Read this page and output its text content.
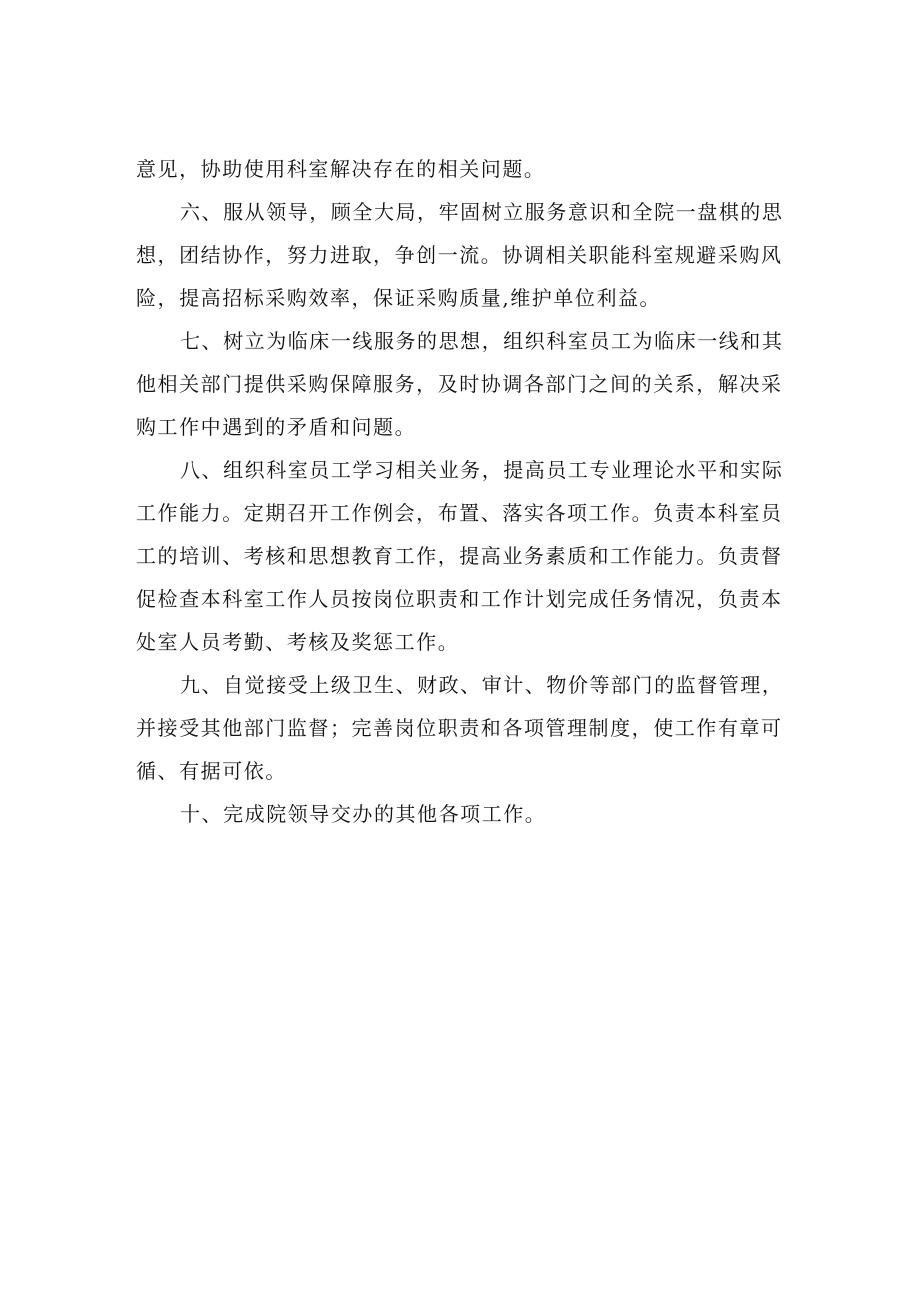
意见，协助使用科室解决存在的相关问题。
六、服从领导，顾全大局，牢固树立服务意识和全院一盘棋的思
想，团结协作，努力进取，争创一流。协调相关职能科室规避采购风
险，提高招标采购效率，保证采购质量,维护单位利益。
七、树立为临床一线服务的思想，组织科室员工为临床一线和其
他相关部门提供采购保障服务，及时协调各部门之间的关系，解决采
购工作中遇到的矛盾和问题。
八、组织科室员工学习相关业务，提高员工专业理论水平和实际
工作能力。定期召开工作例会，布置、落实各项工作。负责本科室员
工的培训、考核和思想教育工作，提高业务素质和工作能力。负责督
促检查本科室工作人员按岗位职责和工作计划完成任务情况，负责本
处室人员考勤、考核及奖惩工作。
九、自觉接受上级卫生、财政、审计、物价等部门的监督管理，
并接受其他部门监督；完善岗位职责和各项管理制度，使工作有章可
循、有据可依。
十、完成院领导交办的其他各项工作。
